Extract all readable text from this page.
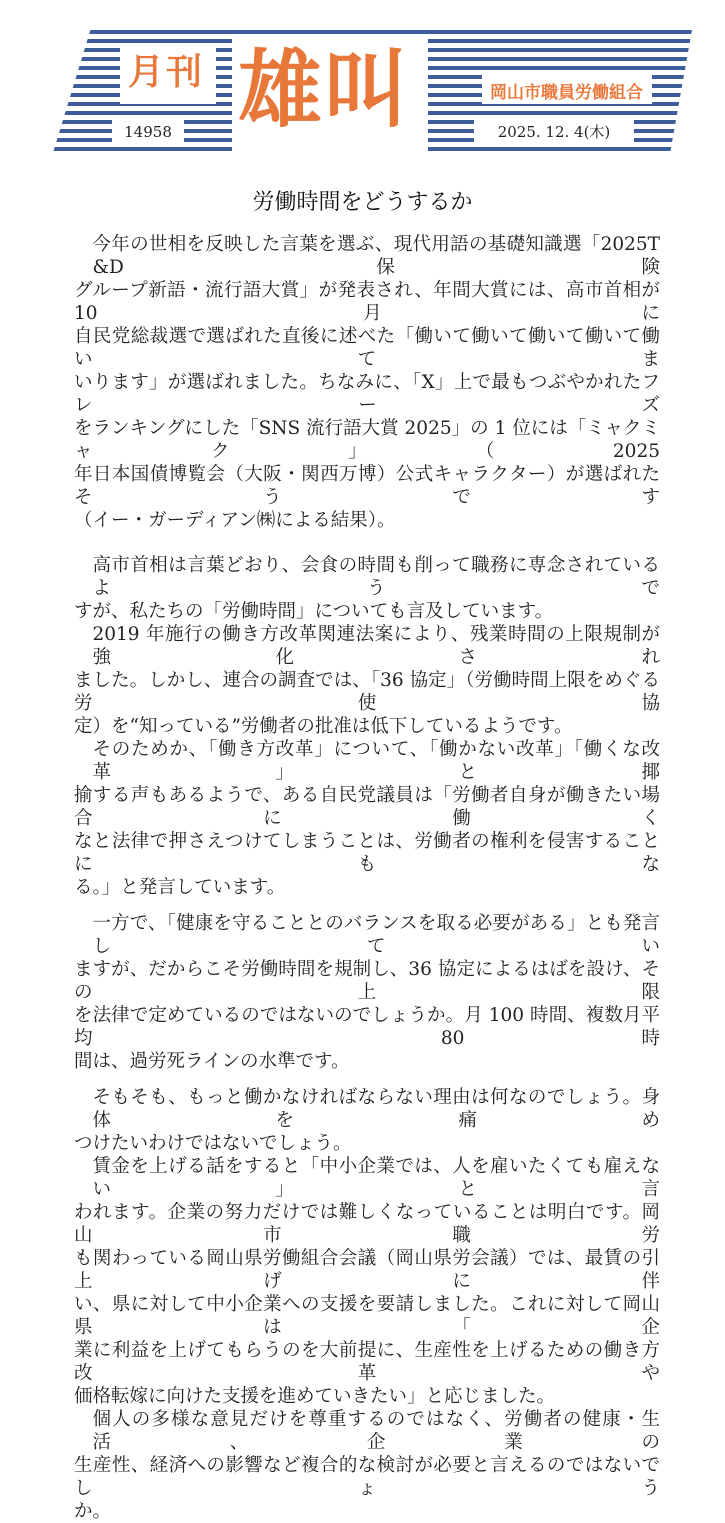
月刊 雄叫	岡山市職員労働組合
14958	2025. 12. 4(木)
労働時間をどうするか
今年の世相を反映した言葉を選ぶ、現代用語の基礎知識選「2025T&D 保険
グループ新語・流行語大賞」が発表され、年間大賞には、高市首相が 10 月に
自民党総裁選で選ばれた直後に述べた「働いて働いて働いて働いて働いてま
いります」が選ばれました。ちなみに、「X」上で最もつぶやかれたフレーズ
をランキングにした「SNS 流行語大賞 2025」の 1 位には「ミャクミャク」（2025
年日本国債博覧会（大阪・関西万博）公式キャラクター）が選ばれたそうです
（イー・ガーディアン㈱による結果）。
高市首相は言葉どおり、会食の時間も削って職務に専念されているようで
すが、私たちの「労働時間」についても言及しています。
2019 年施行の働き方改革関連法案により、残業時間の上限規制が強化され
ました。しかし、連合の調査では、「36 協定」（労働時間上限をめぐる労使協
定）を“知っている”労働者の批准は低下しているようです。
そのためか、「働き方改革」について、「働かない改革」「働くな改革」と揶
揄する声もあるようで、ある自民党議員は「労働者自身が働きたい場合に働く
なと法律で押さえつけてしまうことは、労働者の権利を侵害することにもな
る。」と発言しています。
一方で、「健康を守ることとのバランスを取る必要がある」とも発言してい
ますが、だからこそ労働時間を規制し、36 協定によるはばを設け、その上限
を法律で定めているのではないのでしょうか。月 100 時間、複数月平均 80 時
間は、過労死ラインの水準です。
そもそも、もっと働かなければならない理由は何なのでしょう。身体を痛め
つけたいわけではないでしょう。
賃金を上げる話をすると「中小企業では、人を雇いたくても雇えない」と言
われます。企業の努力だけでは難しくなっていることは明白です。岡山市職労
も関わっている岡山県労働組合会議（岡山県労会議）では、最賃の引上げに伴
い、県に対して中小企業への支援を要請しました。これに対して岡山県は「企
業に利益を上げてもらうのを大前提に、生産性を上げるための働き方改革や
価格転嫁に向けた支援を進めていきたい」と応じました。
個人の多様な意見だけを尊重するのではなく、労働者の健康・生活、企業の
生産性、経済への影響など複合的な検討が必要と言えるのではないでしょう
か。
